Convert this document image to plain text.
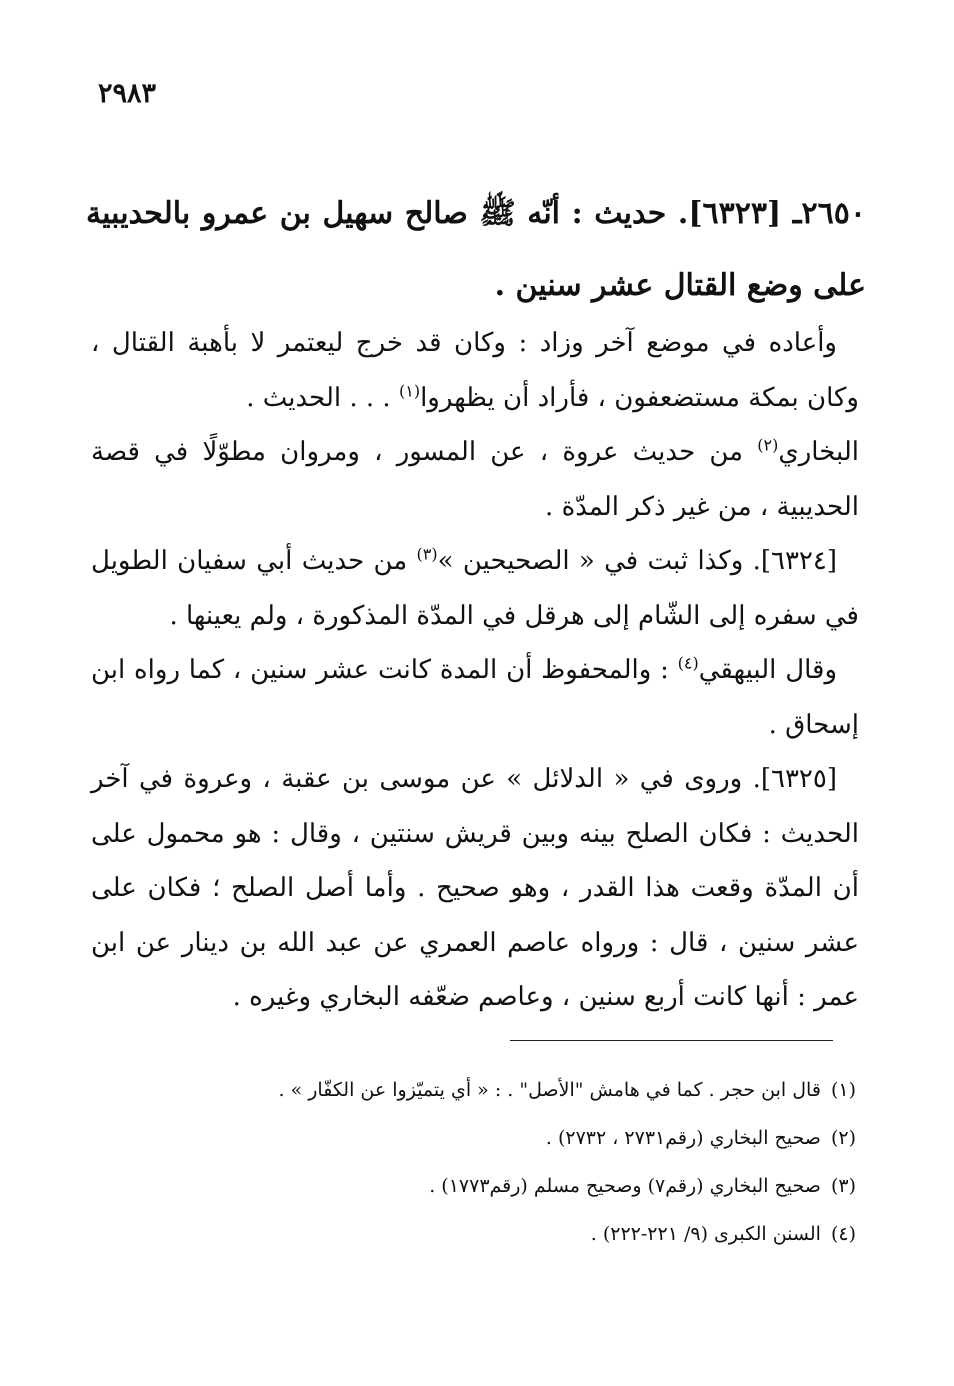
٢٩٨٣
٢٦٥٠ـ [٦٣٢٣]. حديث : أنّه ﷺ صالح سهيل بن عمرو بالحديبية على وضع القتال عشر سنين .

وأعاده في موضع آخر وزاد : وكان قد خرج ليعتمر لا بأهبة القتال ، وكان بمكة مستضعفون ، فأراد أن يظهروا$^{(١)}$ . . . الحديث .

البخاري$^{(٢)}$ من حديث عروة ، عن المسور ، ومروان مطوّلًا في قصة الحديبية ، من غير ذكر المدّة .

[٦٣٢٤]. وكذا ثبت في « الصحيحين »$^{(٣)}$ من حديث أبي سفيان الطويل في سفره إلى الشّام إلى هرقل في المدّة المذكورة ، ولم يعينها .

وقال البيهقي$^{(٤)}$ : والمحفوظ أن المدة كانت عشر سنين ، كما رواه ابن إسحاق .

[٦٣٢٥]. وروى في « الدلائل » عن موسى بن عقبة ، وعروة في آخر الحديث : فكان الصلح بينه وبين قريش سنتين ، وقال : هو محمول على أن المدّة وقعت هذا القدر ، وهو صحيح . وأما أصل الصلح ؛ فكان على عشر سنين ، قال : ورواه عاصم العمري عن عبد الله بن دينار عن ابن عمر : أنها كانت أربع سنين ، وعاصم ضعّفه البخاري وغيره .

(١)قال ابن حجر . كما في هامش "الأصل" . : « أي يتميّزوا عن الكفّار » .

(٢)صحيح البخاري (رقم٢٧٣١ ، ٢٧٣٢) .

(٣)صحيح البخاري (رقم٧) وصحيح مسلم (رقم١٧٧٣) .

(٤)السنن الكبرى (٩/ ٢٢١-٢٢٢) .
